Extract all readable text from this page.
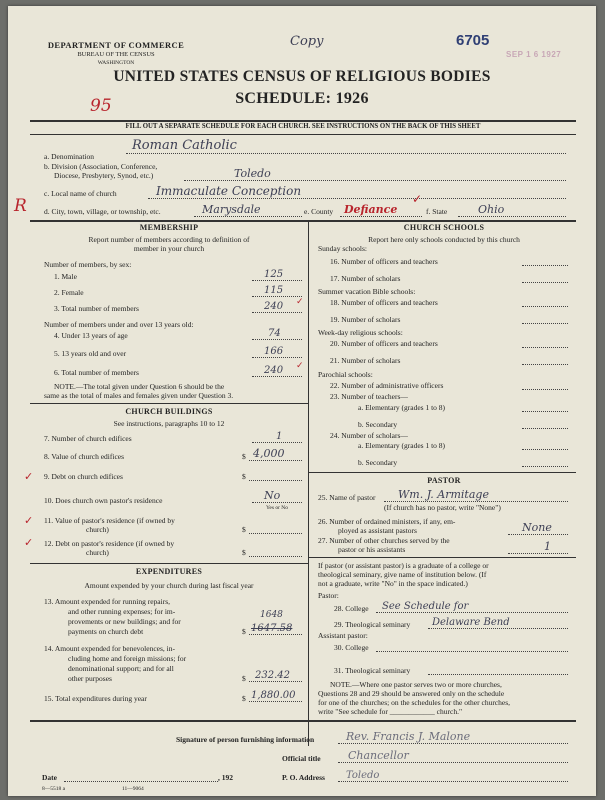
DEPARTMENT OF COMMERCE
BUREAU OF THE CENSUS
WASHINGTON
Copy	6705
SEP 1 6 1927
UNITED STATES CENSUS OF RELIGIOUS BODIES
SCHEDULE: 1926
95
FILL OUT A SEPARATE SCHEDULE FOR EACH CHURCH. SEE INSTRUCTIONS ON THE BACK OF THIS SHEET
a. Denomination
Roman Catholic
b. Division (Association, Conference,
Diocese, Presbytery, Synod, etc.)	Toledo
c. Local name of church	Immaculate Conception
R d. City, town, village, or township, etc.	Marysdale	e. County Defiance
✓
f. State	Ohio
MEMBERSHIP
Report number of members according to definition of
member in your church
Number of members, by sex:
1. Male	125
2. Female	115
3. Total number of members	240 ✓
Number of members under and over 13 years old:
4. Under 13 years of age	74
5. 13 years old and over	166
6. Total number of members	240 ✓
NOTE.—The total given under Question 6 should be the
same as the total of males and females given under Question 3.
CHURCH BUILDINGS
See instructions, paragraphs 10 to 12
7. Number of church edifices	1
8. Value of church edifices	$ 4,000
✓ 9. Debt on church edifices	$
10. Does church own pastor's residence	No
Yes or No
✓ 11. Value of pastor's residence (if owned by
church)	$
✓ 12. Debt on pastor's residence (if owned by
church)	$
EXPENDITURES
Amount expended by your church during last fiscal year
13. Amount expended for running repairs,
and other running expenses; for im-
provements or new buildings; and for
payments on church debt
1648
$ 1647.58
14. Amount expended for benevolences, in-
cluding home and foreign missions; for
denominational support; and for all
other purposes	$ 232.42
15. Total expenditures during year	$ 1,880.00
CHURCH SCHOOLS
Report here only schools conducted by this church
Sunday schools:
16. Number of officers and teachers
17. Number of scholars
Summer vacation Bible schools:
18. Number of officers and teachers
19. Number of scholars
Week-day religious schools:
20. Number of officers and teachers
21. Number of scholars
Parochial schools:
22. Number of administrative officers
23. Number of teachers—
a. Elementary (grades 1 to 8)
b. Secondary
24. Number of scholars—
a. Elementary (grades 1 to 8)
b. Secondary
PASTOR
25. Name of pastor Wm. J. Armitage
(If church has no pastor, write "None")
26. Number of ordained ministers, if any, em-
ployed as assistant pastors	None
27. Number of other churches served by the
pastor or his assistants	1
If pastor (or assistant pastor) is a graduate of a college or
theological seminary, give name of institution below. (If
not a graduate, write "No" in the space indicated.)
Pastor:
28. College See Schedule for
29. Theological seminary Delaware Bend
Assistant pastor:
30. College
31. Theological seminary
NOTE.—Where one pastor serves two or more churches,
Questions 28 and 29 should be answered only on the schedule
for one of the churches; on the schedules for the other churches,
write "See schedule for ____________ church."
Signature of person furnishing information	Rev. Francis J. Malone
Official title Chancellor
Date	, 192	P. O. Address Toledo
8—5518 a	11—9064
